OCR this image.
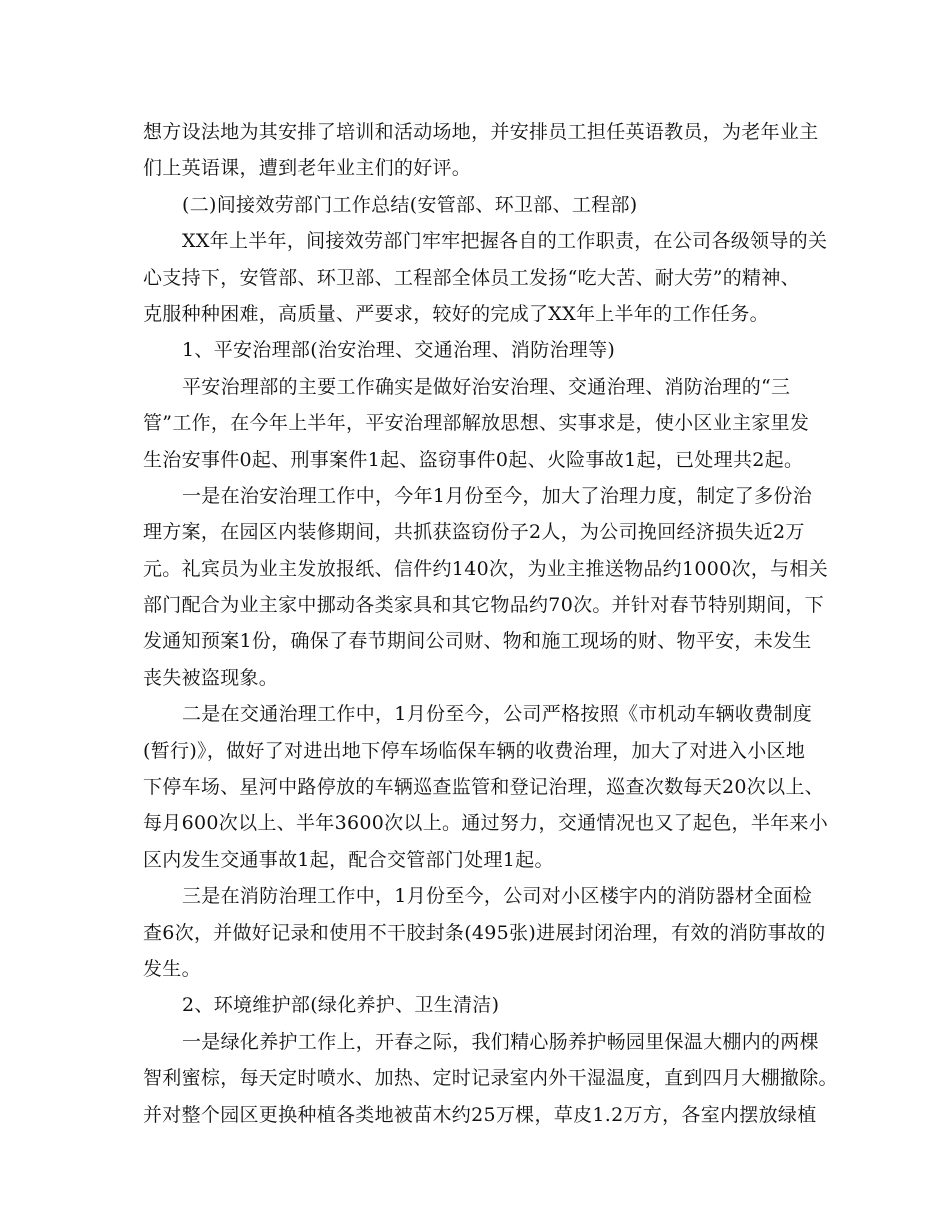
想方设法地为其安排了培训和活动场地，并安排员工担任英语教员，为老年业主
们上英语课，遭到老年业主们的好评。
(二)间接效劳部门工作总结(安管部、环卫部、工程部)
XX年上半年，间接效劳部门牢牢把握各自的工作职责，在公司各级领导的关
心支持下，安管部、环卫部、工程部全体员工发扬“吃大苦、耐大劳”的精神、
克服种种困难，高质量、严要求，较好的完成了XX年上半年的工作任务。
1、平安治理部(治安治理、交通治理、消防治理等)
平安治理部的主要工作确实是做好治安治理、交通治理、消防治理的“三
管”工作，在今年上半年，平安治理部解放思想、实事求是，使小区业主家里发
生治安事件0起、刑事案件1起、盗窃事件0起、火险事故1起，已处理共2起。
一是在治安治理工作中，今年1月份至今，加大了治理力度，制定了多份治
理方案，在园区内装修期间，共抓获盗窃份子2人，为公司挽回经济损失近2万
元。礼宾员为业主发放报纸、信件约140次，为业主推送物品约1000次，与相关
部门配合为业主家中挪动各类家具和其它物品约70次。并针对春节特别期间，下
发通知预案1份，确保了春节期间公司财、物和施工现场的财、物平安，未发生
丧失被盗现象。
二是在交通治理工作中，1月份至今，公司严格按照《市机动车辆收费制度
(暂行)》，做好了对进出地下停车场临保车辆的收费治理，加大了对进入小区地
下停车场、星河中路停放的车辆巡查监管和登记治理，巡查次数每天20次以上、
每月600次以上、半年3600次以上。通过努力，交通情况也又了起色，半年来小
区内发生交通事故1起，配合交管部门处理1起。
三是在消防治理工作中，1月份至今，公司对小区楼宇内的消防器材全面检
查6次，并做好记录和使用不干胶封条(495张)进展封闭治理，有效的消防事故的
发生。
2、环境维护部(绿化养护、卫生清洁)
一是绿化养护工作上，开春之际，我们精心肠养护畅园里保温大棚内的两棵
智利蜜棕，每天定时喷水、加热、定时记录室内外干湿温度，直到四月大棚撤除。
并对整个园区更换种植各类地被苗木约25万棵，草皮1.2万方，各室内摆放绿植
